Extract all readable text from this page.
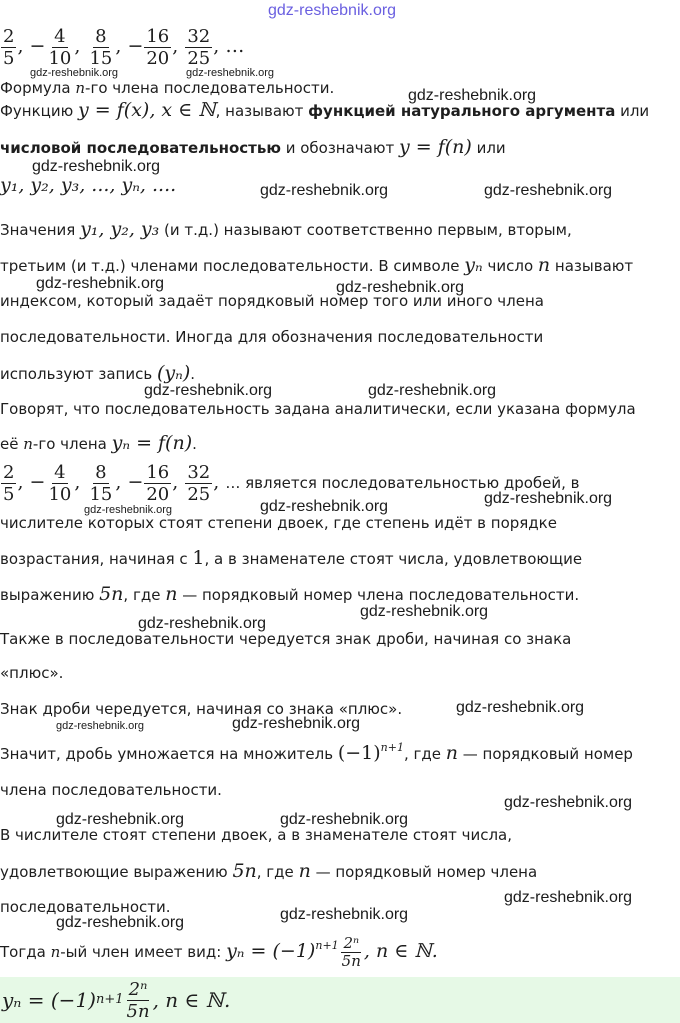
gdz-reshebnik.org
$\frac{2}{5}$ , − $\frac{4}{10}$ , $\frac{8}{15}$ , − $\frac{16}{20}$ , $\frac{32}{25}$ , …
gdz-reshebnik.org	gdz-reshebnik.org
Формула n-го члена последовательности.
Функцию y = f(x), x ∈ ℕ, называют функцией натурального аргумента или
gdz-reshebnik.org
числовой последовательностью и обозначают y = f(n) или
gdz-reshebnik.org
y₁, y₂, y₃, ..., yₙ, ....	gdz-reshebnik.org	gdz-reshebnik.org
Значения y₁, y₂, y₃ (и т.д.) называют соответственно первым, вторым,
третьим (и т.д.) членами последовательности. В символе yₙ число n называют
gdz-reshebnik.org	gdz-reshebnik.org
индексом, который задаёт порядковый номер того или иного члена
последовательности. Иногда для обозначения последовательности
используют запись (yₙ).
gdz-reshebnik.org	gdz-reshebnik.org
Говорят, что последовательность задана аналитически, если указана формула
её n-го члена yₙ = f(n).
$\frac{2}{5}$ , − $\frac{4}{10}$ , $\frac{8}{15}$ , − $\frac{16}{20}$ , $\frac{32}{25}$ , … является последовательностью дробей, в
gdz-reshebnik.org	gdz-reshebnik.org	gdz-reshebnik.org
числителе которых стоят степени двоек, где степень идёт в порядке
возрастания, начиная с 1, а в знаменателе стоят числа, удовлетвоющие
выражению 5n, где n — порядковый номер члена последовательности.
gdz-reshebnik.org
gdz-reshebnik.org
Также в последовательности чередуется знак дроби, начиная со знака
«плюс».
Знак дроби чередуется, начиная со знака «плюс».	gdz-reshebnik.org
gdz-reshebnik.org	gdz-reshebnik.org
Значит, дробь умножается на множитель $(-1)^{n+1}$, где n — порядковый номер
члена последовательности.
gdz-reshebnik.org
gdz-reshebnik.org	gdz-reshebnik.org
В числителе стоят степени двоек, а в знаменателе стоят числа,
удовлетвоющие выражению 5n, где n — порядковый номер члена
последовательности.
gdz-reshebnik.org
gdz-reshebnik.org	gdz-reshebnik.org
Тогда n-ый член имеет вид: $y_n = (-1)^{n+1} \frac{\text{2ⁿ}}{5n}$ , n ∈ ℕ.
yₙ = (−1) $n+1 \frac{\text{2ⁿ}}{5n}$ , n ∈ ℕ.
